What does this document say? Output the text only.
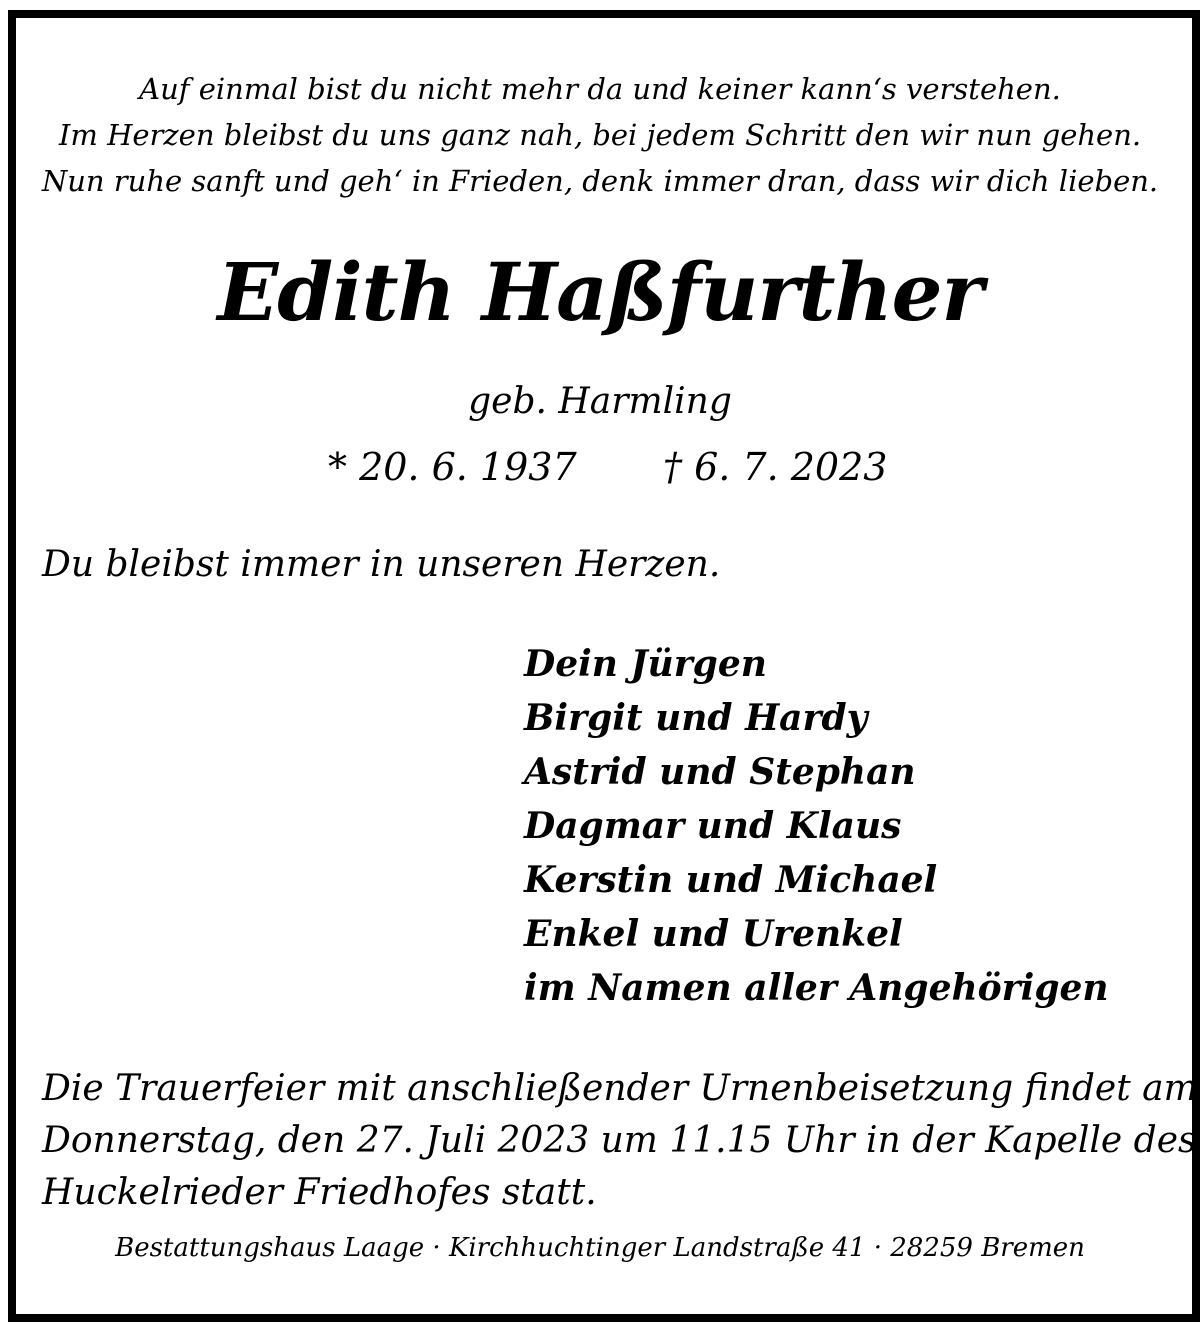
Auf einmal bist du nicht mehr da und keiner kann‘s verstehen.
Im Herzen bleibst du uns ganz nah, bei jedem Schritt den wir nun gehen.
Nun ruhe sanft und geh‘ in Frieden, denk immer dran, dass wir dich lieben.
Edith Haßfurther
geb. Harmling
* 20. 6. 1937 † 6. 7. 2023
Du bleibst immer in unseren Herzen.
Dein Jürgen
Birgit und Hardy
Astrid und Stephan
Dagmar und Klaus
Kerstin und Michael
Enkel und Urenkel
im Namen aller Angehörigen
Die Trauerfeier mit anschließender Urnenbeisetzung findet am
Donnerstag, den 27. Juli 2023 um 11.15 Uhr in der Kapelle des
Huckelrieder Friedhofes statt.
Bestattungshaus Laage · Kirchhuchtinger Landstraße 41 · 28259 Bremen
